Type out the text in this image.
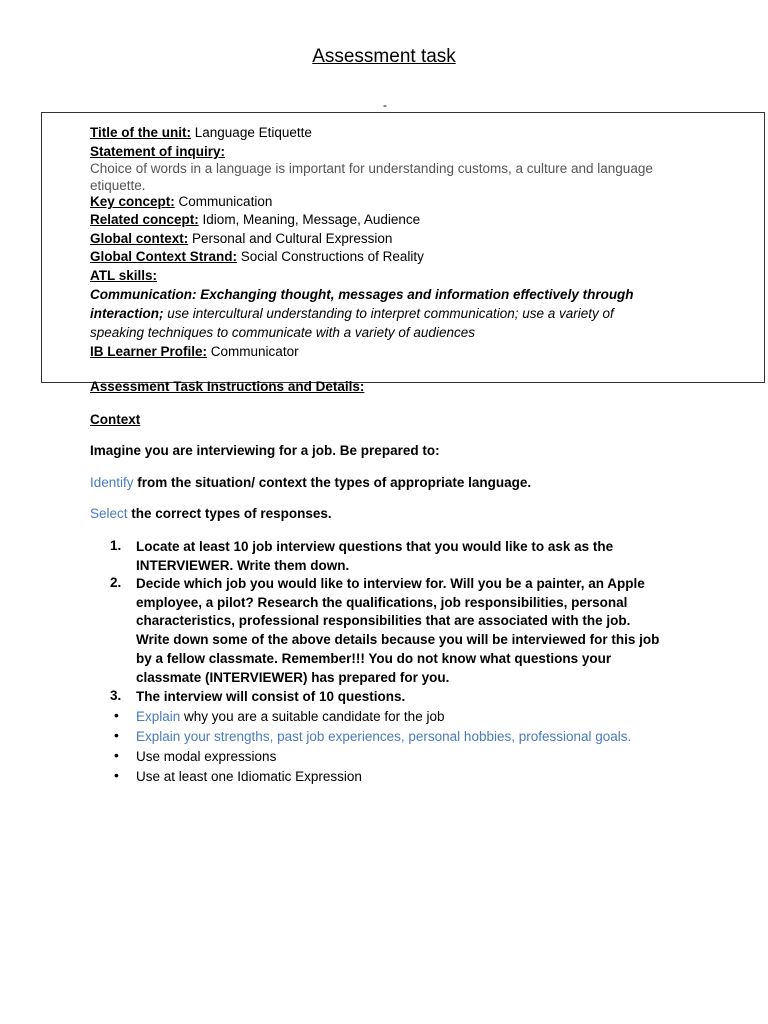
Assessment task
-
Title of the unit: Language Etiquette
Statement of inquiry:
Choice of words in a language is important for understanding customs, a culture and language
etiquette.
Key concept: Communication
Related concept: Idiom, Meaning, Message, Audience
Global context: Personal and Cultural Expression
Global Context Strand: Social Constructions of Reality
ATL skills:
Communication: Exchanging thought, messages and information effectively through
interaction; use intercultural understanding to interpret communication; use a variety of
speaking techniques to communicate with a variety of audiences
IB Learner Profile: Communicator
Assessment Task Instructions and Details:
Context
Imagine you are interviewing for a job. Be prepared to:
Identify from the situation/ context the types of appropriate language.
Select the correct types of responses.
1. Locate at least 10 job interview questions that you would like to ask as the
INTERVIEWER. Write them down.
2. Decide which job you would like to interview for. Will you be a painter, an Apple
employee, a pilot? Research the qualifications, job responsibilities, personal
characteristics, professional responsibilities that are associated with the job.
Write down some of the above details because you will be interviewed for this job
by a fellow classmate. Remember!!! You do not know what questions your
classmate (INTERVIEWER) has prepared for you.
3. The interview will consist of 10 questions.
• Explain why you are a suitable candidate for the job
• Explain your strengths, past job experiences, personal hobbies, professional goals.
• Use modal expressions
• Use at least one Idiomatic Expression
